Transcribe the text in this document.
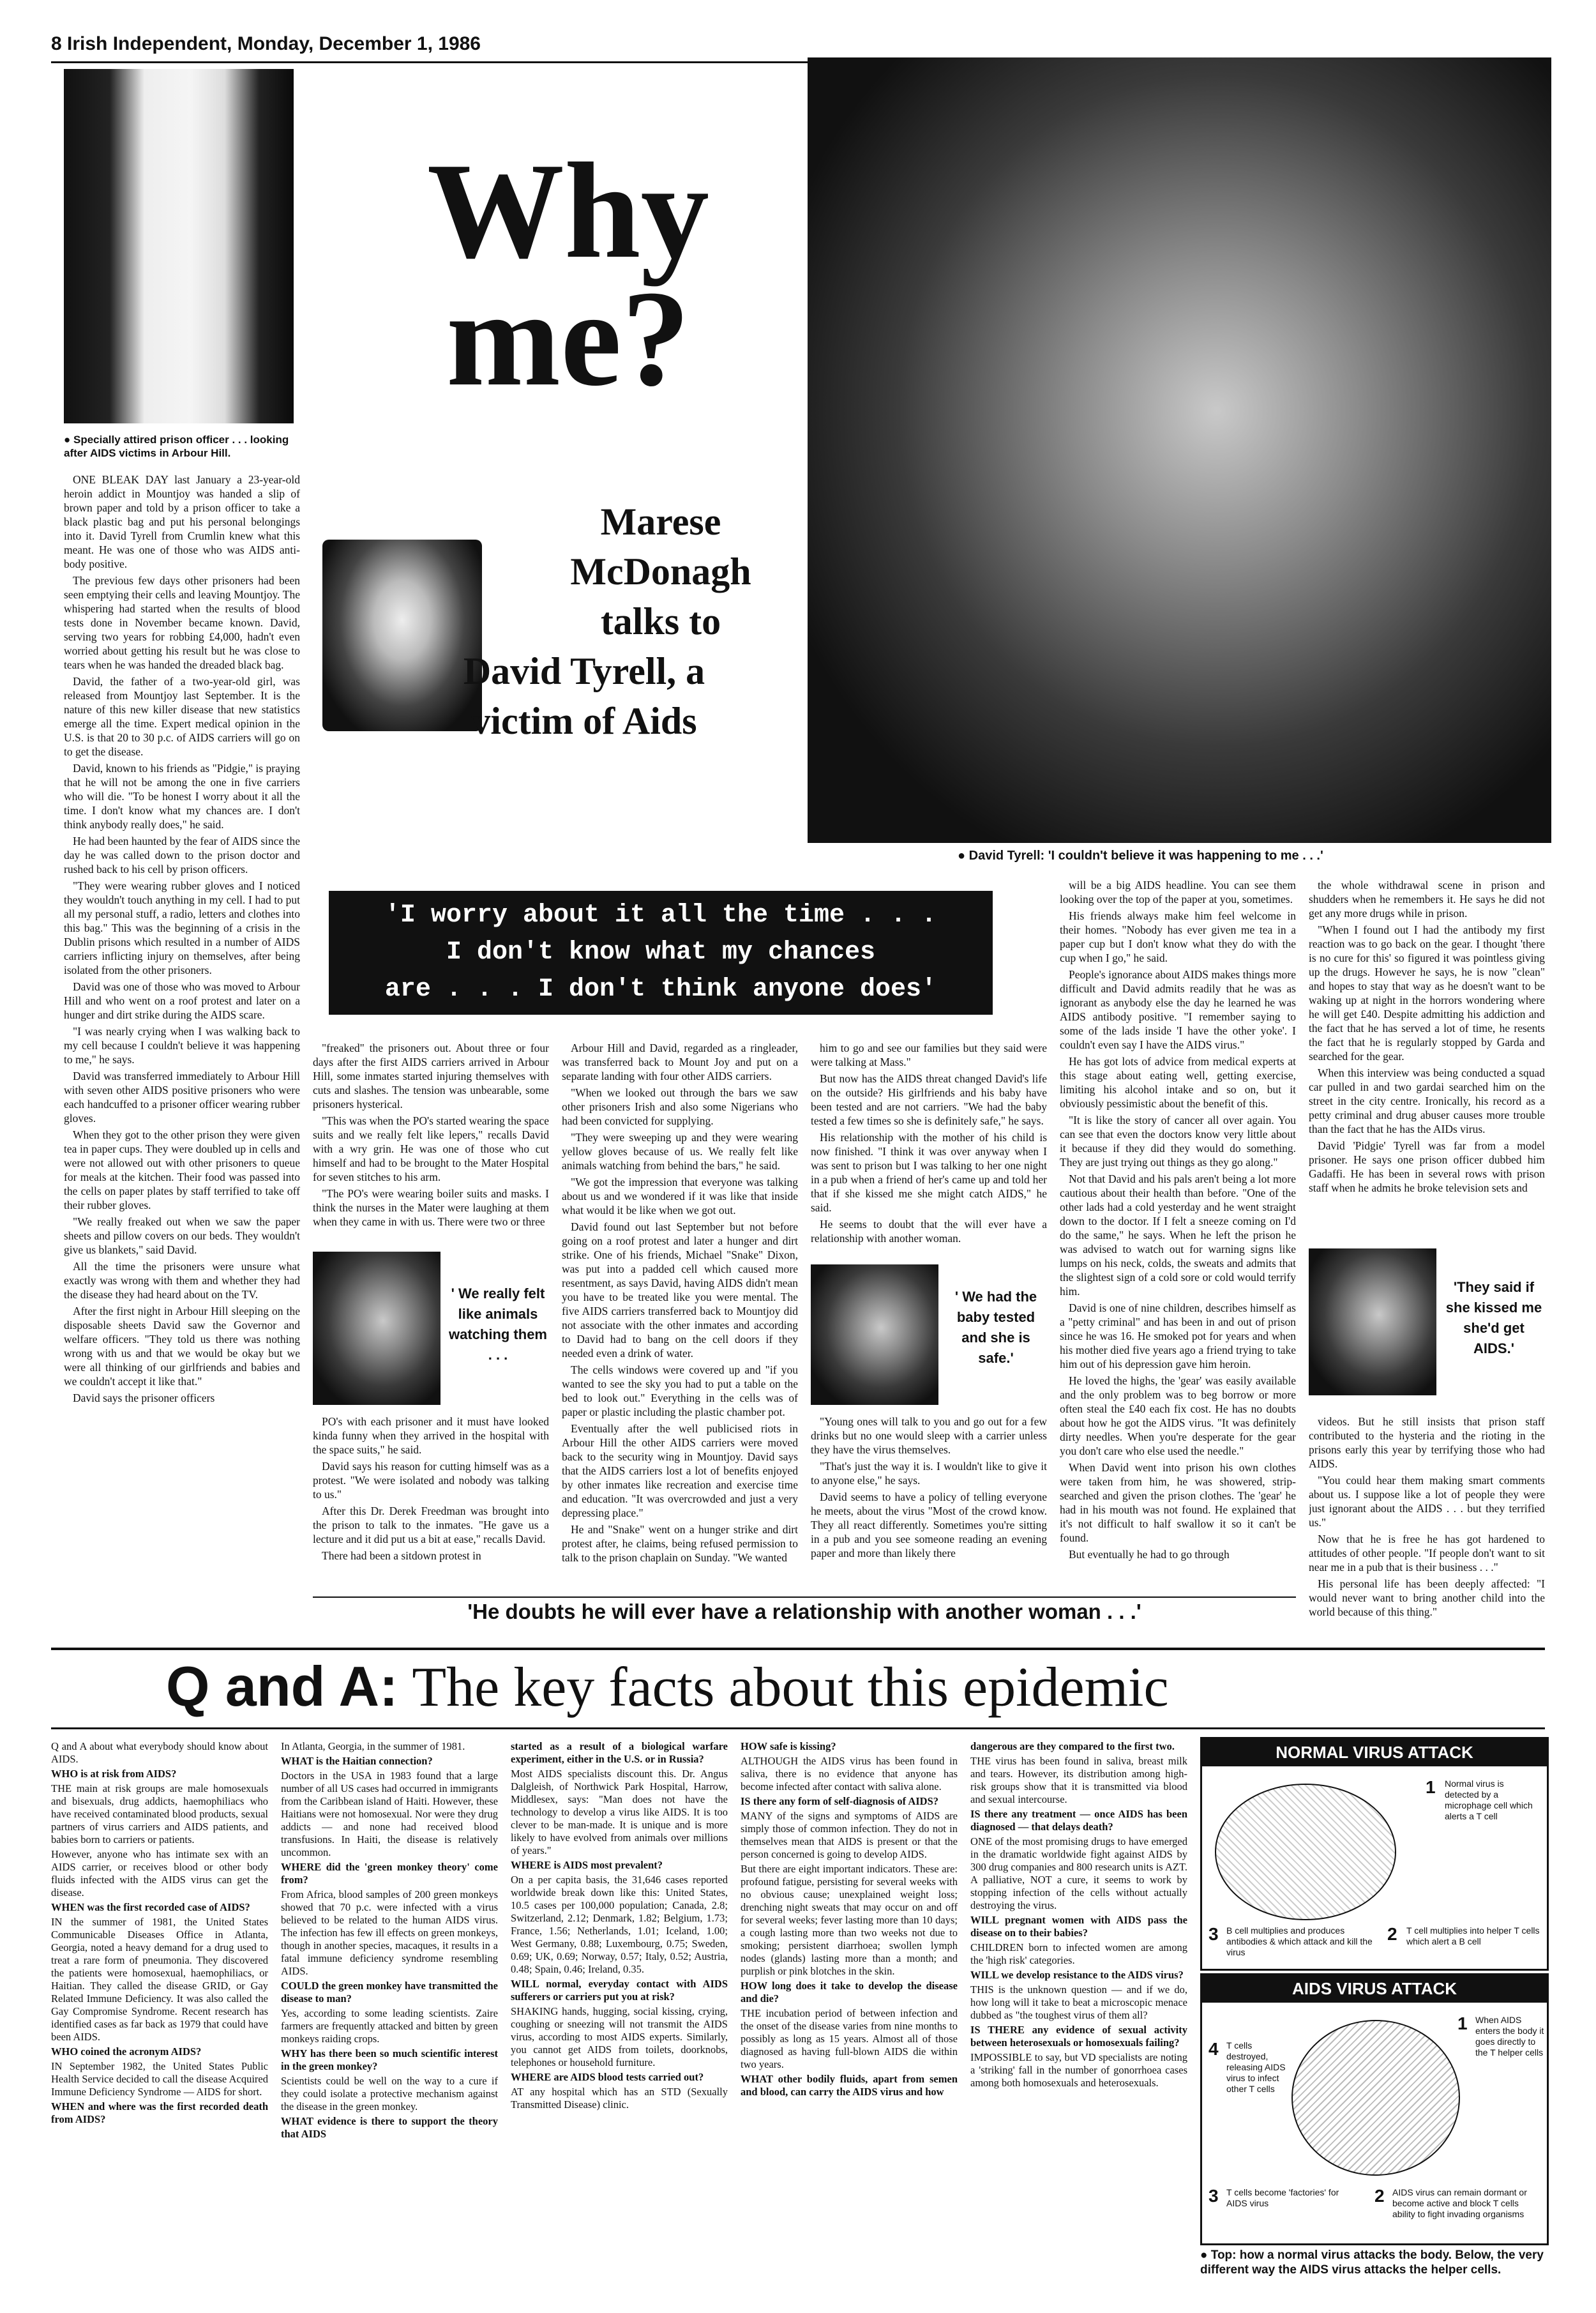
8 Irish Independent, Monday, December 1, 1986
● Specially attired prison officer . . . looking after AIDS victims in Arbour Hill.
Why
me?
Marese
McDonagh
talks to
David Tyrell, a
victim of Aids
● David Tyrell: 'I couldn't believe it was happening to me . . .'

ONE BLEAK DAY last January a 23-year-old heroin addict in Mountjoy was handed a slip of brown paper and told by a prison officer to take a black plastic bag and put his personal belongings into it. David Tyrell from Crumlin knew what this meant. He was one of those who was AIDS anti-body positive.

The previous few days other prisoners had been seen emptying their cells and leaving Mountjoy. The whispering had started when the results of blood tests done in November became known. David, serving two years for robbing £4,000, hadn't even worried about getting his result but he was close to tears when he was handed the dreaded black bag.

David, the father of a two-year-old girl, was released from Mountjoy last September. It is the nature of this new killer disease that new statistics emerge all the time. Expert medical opinion in the U.S. is that 20 to 30 p.c. of AIDS carriers will go on to get the disease.

David, known to his friends as "Pidgie," is praying that he will not be among the one in five carriers who will die. "To be honest I worry about it all the time. I don't know what my chances are. I don't think anybody really does," he said.

He had been haunted by the fear of AIDS since the day he was called down to the prison doctor and rushed back to his cell by prison officers.

"They were wearing rubber gloves and I noticed they wouldn't touch anything in my cell. I had to put all my personal stuff, a radio, letters and clothes into this bag." This was the beginning of a crisis in the Dublin prisons which resulted in a number of AIDS carriers inflicting injury on themselves, after being isolated from the other prisoners.

David was one of those who was moved to Arbour Hill and who went on a roof protest and later on a hunger and dirt strike during the AIDS scare.

"I was nearly crying when I was walking back to my cell because I couldn't believe it was happening to me," he says.

David was transferred immediately to Arbour Hill with seven other AIDS positive prisoners who were each handcuffed to a prisoner officer wearing rubber gloves.

When they got to the other prison they were given tea in paper cups. They were doubled up in cells and were not allowed out with other prisoners to queue for meals at the kitchen. Their food was passed into the cells on paper plates by staff terrified to take off their rubber gloves.

"We really freaked out when we saw the paper sheets and pillow covers on our beds. They wouldn't give us blankets," said David.

All the time the prisoners were unsure what exactly was wrong with them and whether they had the disease they had heard about on the TV.

After the first night in Arbour Hill sleeping on the disposable sheets David saw the Governor and welfare officers. "They told us there was nothing wrong with us and that we would be okay but we were all thinking of our girlfriends and babies and we couldn't accept it like that."

David says the prisoner officers

'I worry about it all the time . . .
I don't know what my chances
are . . . I don't think anyone does'

"freaked" the prisoners out. About three or four days after the first AIDS carriers arrived in Arbour Hill, some inmates started injuring themselves with cuts and slashes. The tension was unbearable, some prisoners hysterical.

"This was when the PO's started wearing the space suits and we really felt like lepers," recalls David with a wry grin. He was one of those who cut himself and had to be brought to the Mater Hospital for seven stitches to his arm.

"The PO's were wearing boiler suits and masks. I think the nurses in the Mater were laughing at them when they came in with us. There were two or three

' We really felt like animals watching them . . .

PO's with each prisoner and it must have looked kinda funny when they arrived in the hospital with the space suits," he said.

David says his reason for cutting himself was as a protest. "We were isolated and nobody was talking to us."

After this Dr. Derek Freedman was brought into the prison to talk to the inmates. "He gave us a lecture and it did put us a bit at ease," recalls David.

There had been a sitdown protest in

Arbour Hill and David, regarded as a ringleader, was transferred back to Mount Joy and put on a separate landing with four other AIDS carriers.

"When we looked out through the bars we saw other prisoners Irish and also some Nigerians who had been convicted for supplying.

"They were sweeping up and they were wearing yellow gloves because of us. We really felt like animals watching from behind the bars," he said.

"We got the impression that everyone was talking about us and we wondered if it was like that inside what would it be like when we got out.

David found out last September but not before going on a roof protest and later a hunger and dirt strike. One of his friends, Michael "Snake" Dixon, was put into a padded cell which caused more resentment, as says David, having AIDS didn't mean you have to be treated like you were mental. The five AIDS carriers transferred back to Mountjoy did not associate with the other inmates and according to David had to bang on the cell doors if they needed even a drink of water.

The cells windows were covered up and "if you wanted to see the sky you had to put a table on the bed to look out." Everything in the cells was of paper or plastic including the plastic chamber pot.

Eventually after the well publicised riots in Arbour Hill the other AIDS carriers were moved back to the security wing in Mountjoy. David says that the AIDS carriers lost a lot of benefits enjoyed by other inmates like recreation and exercise time and education. "It was overcrowded and just a very depressing place."

He and "Snake" went on a hunger strike and dirt protest after, he claims, being refused permission to talk to the prison chaplain on Sunday. "We wanted

him to go and see our families but they said were were talking at Mass."

But now has the AIDS threat changed David's life on the outside? His girlfriends and his baby have been tested and are not carriers. "We had the baby tested a few times so she is definitely safe," he says.

His relationship with the mother of his child is now finished. "I think it was over anyway when I was sent to prison but I was talking to her one night in a pub when a friend of her's came up and told her that if she kissed me she might catch AIDS," he said.

He seems to doubt that the will ever have a relationship with another woman.

' We had the baby tested and she is safe.'

"Young ones will talk to you and go out for a few drinks but no one would sleep with a carrier unless they have the virus themselves.

"That's just the way it is. I wouldn't like to give it to anyone else," he says.

David seems to have a policy of telling everyone he meets, about the virus "Most of the crowd know. They all react differently. Sometimes you're sitting in a pub and you see someone reading an evening paper and more than likely there

will be a big AIDS headline. You can see them looking over the top of the paper at you, sometimes.

His friends always make him feel welcome in their homes. "Nobody has ever given me tea in a paper cup but I don't know what they do with the cup when I go," he said.

People's ignorance about AIDS makes things more difficult and David admits readily that he was as ignorant as anybody else the day he learned he was AIDS antibody positive. "I remember saying to some of the lads inside 'I have the other yoke'. I couldn't even say I have the AIDS virus."

He has got lots of advice from medical experts at this stage about eating well, getting exercise, limiting his alcohol intake and so on, but it obviously pessimistic about the benefit of this.

"It is like the story of cancer all over again. You can see that even the doctors know very little about it because if they did they would do something. They are just trying out things as they go along."

Not that David and his pals aren't being a lot more cautious about their health than before. "One of the other lads had a cold yesterday and he went straight down to the doctor. If I felt a sneeze coming on I'd do the same," he says. When he left the prison he was advised to watch out for warning signs like lumps on his neck, colds, the sweats and admits that the slightest sign of a cold sore or cold would terrify him.

David is one of nine children, describes himself as a "petty criminal" and has been in and out of prison since he was 16. He smoked pot for years and when his mother died five years ago a friend trying to take him out of his depression gave him heroin.

He loved the highs, the 'gear' was easily available and the only problem was to beg borrow or more often steal the £40 each fix cost. He has no doubts about how he got the AIDS virus. "It was definitely dirty needles. When you're desperate for the gear you don't care who else used the needle."

When David went into prison his own clothes were taken from him, he was showered, strip-searched and given the prison clothes. The 'gear' he had in his mouth was not found. He explained that it's not difficult to half swallow it so it can't be found.

But eventually he had to go through

the whole withdrawal scene in prison and shudders when he remembers it. He says he did not get any more drugs while in prison.

"When I found out I had the antibody my first reaction was to go back on the gear. I thought 'there is no cure for this' so figured it was pointless giving up the drugs. However he says, he is now "clean" and hopes to stay that way as he doesn't want to be waking up at night in the horrors wondering where he will get £40. Despite admitting his addiction and the fact that he has served a lot of time, he resents the fact that he is regularly stopped by Garda and searched for the gear.

When this interview was being conducted a squad car pulled in and two gardai searched him on the street in the city centre. Ironically, his record as a petty criminal and drug abuser causes more trouble than the fact that he has the AIDs virus.

David 'Pidgie' Tyrell was far from a model prisoner. He says one prison officer dubbed him Gadaffi. He has been in several rows with prison staff when he admits he broke television sets and

'They said if she kissed me she'd get AIDS.'

videos. But he still insists that prison staff contributed to the hysteria and the rioting in the prisons early this year by terrifying those who had AIDS.

"You could hear them making smart comments about us. I suppose like a lot of people they were just ignorant about the AIDS . . . but they terrified us."

Now that he is free he has got hardened to attitudes of other people. "If people don't want to sit near me in a pub that is their business . . ."

His personal life has been deeply affected: "I would never want to bring another child into the world because of this thing."

'He doubts he will ever have a relationship with another woman . . .'
Q and A: The key facts about this epidemic

Q and A about what everybody should know about AIDS.

WHO is at risk from AIDS?

THE main at risk groups are male homosexuals and bisexuals, drug addicts, haemophiliacs who have received contaminated blood products, sexual partners of virus carriers and AIDS patients, and babies born to carriers or patients.

However, anyone who has intimate sex with an AIDS carrier, or receives blood or other body fluids infected with the AIDS virus can get the disease.

WHEN was the first recorded case of AIDS?

IN the summer of 1981, the United States Communicable Diseases Office in Atlanta, Georgia, noted a heavy demand for a drug used to treat a rare form of pneumonia. They discovered the patients were homosexual, haemophiliacs, or Haitian. They called the disease GRID, or Gay Related Immune Deficiency. It was also called the Gay Compromise Syndrome. Recent research has identified cases as far back as 1979 that could have been AIDS.

WHO coined the acronym AIDS?

IN September 1982, the United States Public Health Service decided to call the disease Acquired Immune Deficiency Syndrome — AIDS for short.

WHEN and where was the first recorded death from AIDS?

In Atlanta, Georgia, in the summer of 1981.

WHAT is the Haitian connection?

Doctors in the USA in 1983 found that a large number of all US cases had occurred in immigrants from the Caribbean island of Haiti. However, these Haitians were not homosexual. Nor were they drug addicts — and none had received blood transfusions. In Haiti, the disease is relatively uncommon.

WHERE did the 'green monkey theory' come from?

From Africa, blood samples of 200 green monkeys showed that 70 p.c. were infected with a virus believed to be related to the human AIDS virus. The infection has few ill effects on green monkeys, though in another species, macaques, it results in a fatal immune deficiency syndrome resembling AIDS.

COULD the green monkey have transmitted the disease to man?

Yes, according to some leading scientists. Zaire farmers are frequently attacked and bitten by green monkeys raiding crops.

WHY has there been so much scientific interest in the green monkey?

Scientists could be well on the way to a cure if they could isolate a protective mechanism against the disease in the green monkey.

WHAT evidence is there to support the theory that AIDS

started as a result of a biological warfare experiment, either in the U.S. or in Russia?

Most AIDS specialists discount this. Dr. Angus Dalgleish, of Northwick Park Hospital, Harrow, Middlesex, says: "Man does not have the technology to develop a virus like AIDS. It is too clever to be man-made. It is unique and is more likely to have evolved from animals over millions of years."

WHERE is AIDS most prevalent?

On a per capita basis, the 31,646 cases reported worldwide break down like this: United States, 10.5 cases per 100,000 population; Canada, 2.8; Switzerland, 2.12; Denmark, 1.82; Belgium, 1.73; France, 1.56; Netherlands, 1.01; Iceland, 1.00; West Germany, 0.88; Luxembourg, 0.75; Sweden, 0.69; UK, 0.69; Norway, 0.57; Italy, 0.52; Austria, 0.48; Spain, 0.46; Ireland, 0.35.

WILL normal, everyday contact with AIDS sufferers or carriers put you at risk?

SHAKING hands, hugging, social kissing, crying, coughing or sneezing will not transmit the AIDS virus, according to most AIDS experts. Similarly, you cannot get AIDS from toilets, doorknobs, telephones or household furniture.

WHERE are AIDS blood tests carried out?

AT any hospital which has an STD (Sexually Transmitted Disease) clinic.

HOW safe is kissing?

ALTHOUGH the AIDS virus has been found in saliva, there is no evidence that anyone has become infected after contact with saliva alone.

IS there any form of self-diagnosis of AIDS?

MANY of the signs and symptoms of AIDS are simply those of common infection. They do not in themselves mean that AIDS is present or that the person concerned is going to develop AIDS.

But there are eight important indicators. These are: profound fatigue, persisting for several weeks with no obvious cause; unexplained weight loss; drenching night sweats that may occur on and off for several weeks; fever lasting more than 10 days; a cough lasting more than two weeks not due to smoking; persistent diarrhoea; swollen lymph nodes (glands) lasting more than a month; and purplish or pink blotches in the skin.

HOW long does it take to develop the disease and die?

THE incubation period of between infection and the onset of the disease varies from nine months to possibly as long as 15 years. Almost all of those diagnosed as having full-blown AIDS die within two years.

WHAT other bodily fluids, apart from semen and blood, can carry the AIDS virus and how

dangerous are they compared to the first two.

THE virus has been found in saliva, breast milk and tears. However, its distribution among high-risk groups show that it is transmitted via blood and sexual intercourse.

IS there any treatment — once AIDS has been diagnosed — that delays death?

ONE of the most promising drugs to have emerged in the dramatic worldwide fight against AIDS by 300 drug companies and 800 research units is AZT. A palliative, NOT a cure, it seems to work by stopping infection of the cells without actually destroying the virus.

WILL pregnant women with AIDS pass the disease on to their babies?

CHILDREN born to infected women are among the 'high risk' categories.

WILL we develop resistance to the AIDS virus?

THIS is the unknown question — and if we do, how long will it take to beat a microscopic menace dubbed as "the toughest virus of them all?

IS THERE any evidence of sexual activity between heterosexuals or homosexuals failing?

IMPOSSIBLE to say, but VD specialists are noting a 'striking' fall in the number of gonorrhoea cases among both homosexuals and heterosexuals.

NORMAL VIRUS ATTACK
1 Normal virus is detected by a microphage cell which alerts a T cell
2 T cell multiplies into helper T cells which alert a B cell
3 B cell multiplies and produces antibodies & which attack and kill the virus
AIDS VIRUS ATTACK
1 When AIDS enters the body it goes directly to the T helper cells
4 T cells destroyed, releasing AIDS virus to infect other T cells
3 T cells become 'factories' for AIDS virus	2 AIDS virus can remain dormant or become active and block T cells ability to fight invading organisms
● Top: how a normal virus attacks the body. Below, the very different way the AIDS virus attacks the helper cells.
